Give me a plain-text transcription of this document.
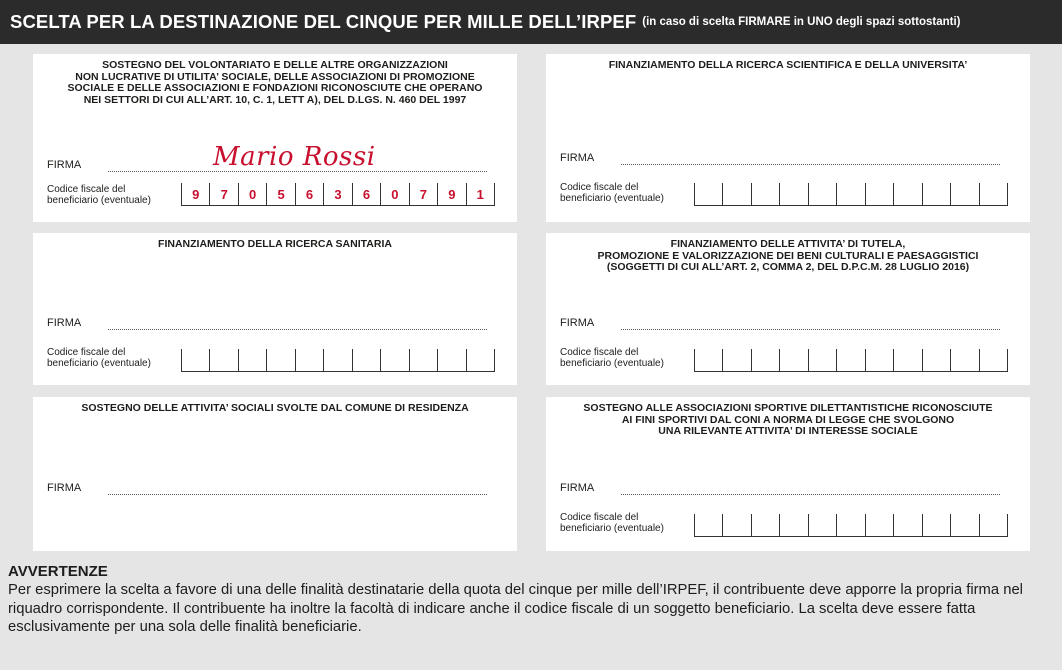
SCELTA PER LA DESTINAZIONE DEL CINQUE PER MILLE DELL’IRPEF (in caso di scelta FIRMARE in UNO degli spazi sottostanti)
SOSTEGNO DEL VOLONTARIATO E DELLE ALTRE ORGANIZZAZIONI
NON LUCRATIVE DI UTILITA’ SOCIALE, DELLE ASSOCIAZIONI DI PROMOZIONE
SOCIALE E DELLE ASSOCIAZIONI E FONDAZIONI RICONOSCIUTE CHE OPERANO
NEI SETTORI DI CUI ALL’ART. 10, C. 1, LETT A), DEL D.LGS. N. 460 DEL 1997
Mario Rossi
FIRMA
Codice fiscale del
beneficiario (eventuale)	9	7	0	5	6	3	6	0	7	9	1
FINANZIAMENTO DELLA RICERCA SCIENTIFICA E DELLA UNIVERSITA’
FIRMA
Codice fiscale del
beneficiario (eventuale)
FINANZIAMENTO DELLA RICERCA SANITARIA
FIRMA
Codice fiscale del
beneficiario (eventuale)
FINANZIAMENTO DELLE ATTIVITA’ DI TUTELA,
PROMOZIONE E VALORIZZAZIONE DEI BENI CULTURALI E PAESAGGISTICI
(SOGGETTI DI CUI ALL’ART. 2, COMMA 2, DEL D.P.C.M. 28 LUGLIO 2016)
FIRMA
Codice fiscale del
beneficiario (eventuale)
SOSTEGNO DELLE ATTIVITA’ SOCIALI SVOLTE DAL COMUNE DI RESIDENZA
FIRMA
SOSTEGNO ALLE ASSOCIAZIONI SPORTIVE DILETTANTISTICHE RICONOSCIUTE
AI FINI SPORTIVI DAL CONI A NORMA DI LEGGE CHE SVOLGONO
UNA RILEVANTE ATTIVITA’ DI INTERESSE SOCIALE
FIRMA
Codice fiscale del
beneficiario (eventuale)
AVVERTENZE
Per esprimere la scelta a favore di una delle finalità destinatarie della quota del cinque per mille dell’IRPEF, il contribuente deve apporre la propria firma nel riquadro corrispondente. Il contribuente ha inoltre la facoltà di indicare anche il codice fiscale di un soggetto beneficiario. La scelta deve essere fatta esclusivamente per una sola delle finalità beneficiarie.
